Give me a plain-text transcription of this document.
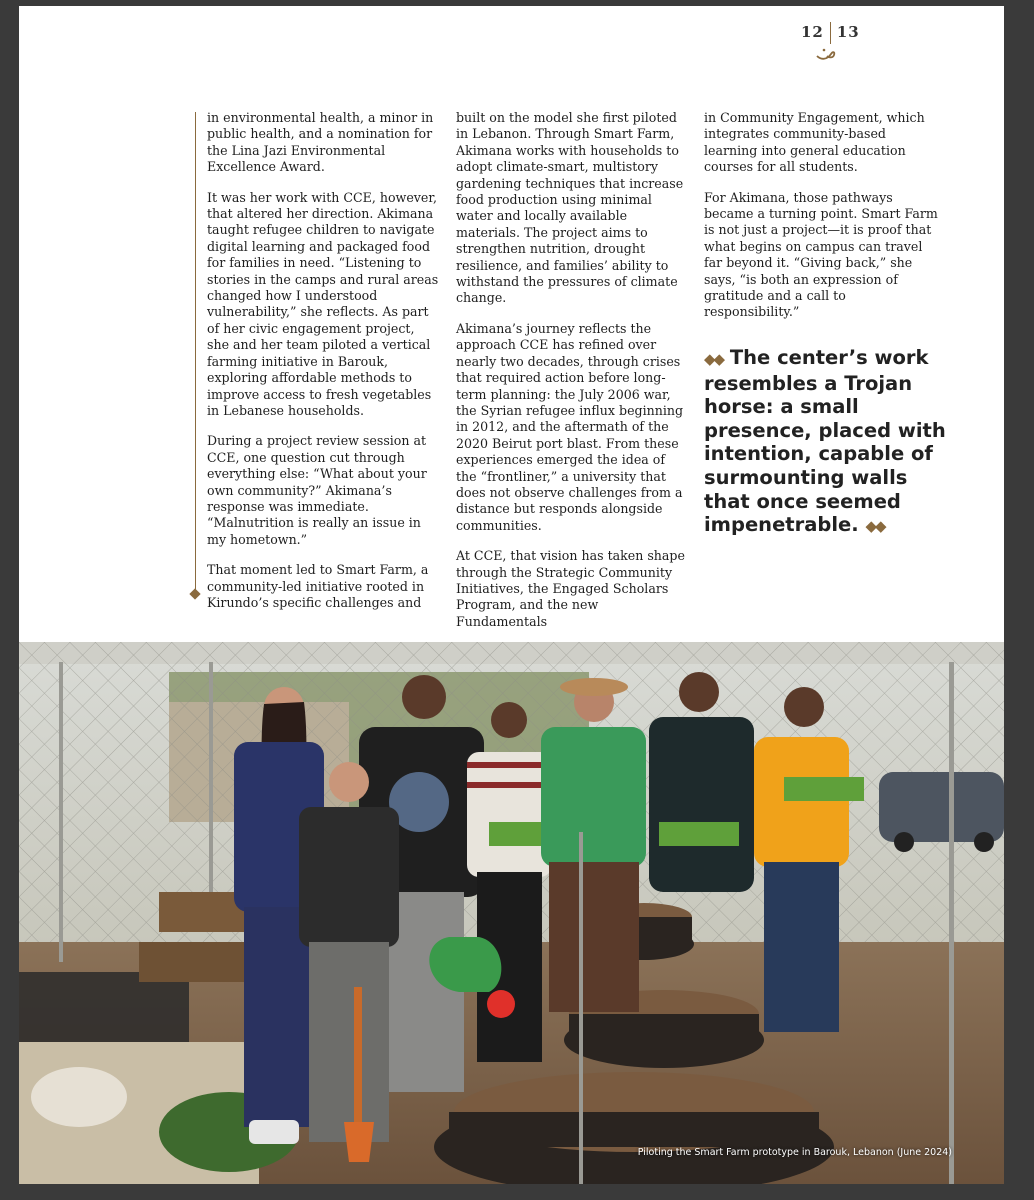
12 13

in environmental health, a minor in public health, and a nomination for the Lina Jazi Environmental Excellence Award.

It was her work with CCE, however, that altered her direction. Akimana taught refugee children to navigate digital learning and packaged food for families in need. “Listening to stories in the camps and rural areas changed how I understood vulnerability,” she reflects. As part of her civic engagement project, she and her team piloted a vertical farming initiative in Barouk, exploring affordable methods to improve access to fresh vegetables in Lebanese households.

During a project review session at CCE, one question cut through everything else: “What about your own community?” Akimana’s response was immediate. “Malnutrition is really an issue in my hometown.”

That moment led to Smart Farm, a community-led initiative rooted in Kirundo’s specific challenges and

built on the model she first piloted in Lebanon. Through Smart Farm, Akimana works with households to adopt climate-smart, multistory gardening techniques that increase food production using minimal water and locally available materials. The project aims to strengthen nutrition, drought resilience, and families’ ability to withstand the pressures of climate change.

Akimana’s journey reflects the approach CCE has refined over nearly two decades, through crises that required action before long-term planning: the July 2006 war, the Syrian refugee influx beginning in 2012, and the aftermath of the 2020 Beirut port blast. From these experiences emerged the idea of the “frontliner,” a university that does not observe challenges from a distance but responds alongside communities.

At CCE, that vision has taken shape through the Strategic Community Initiatives, the Engaged Scholars Program, and the new Fundamentals

in Community Engagement, which integrates community-based learning into general education courses for all students.

For Akimana, those pathways became a turning point. Smart Farm is not just a project—it is proof that what begins on campus can travel far beyond it. “Giving back,” she says, “is both an expression of gratitude and a call to responsibility.”

◆◆ The center’s work resembles a Trojan horse: a small presence, placed with intention, capable of surmounting walls that once seemed impenetrable. ◆◆
Piloting the Smart Farm prototype in Barouk, Lebanon (June 2024)
